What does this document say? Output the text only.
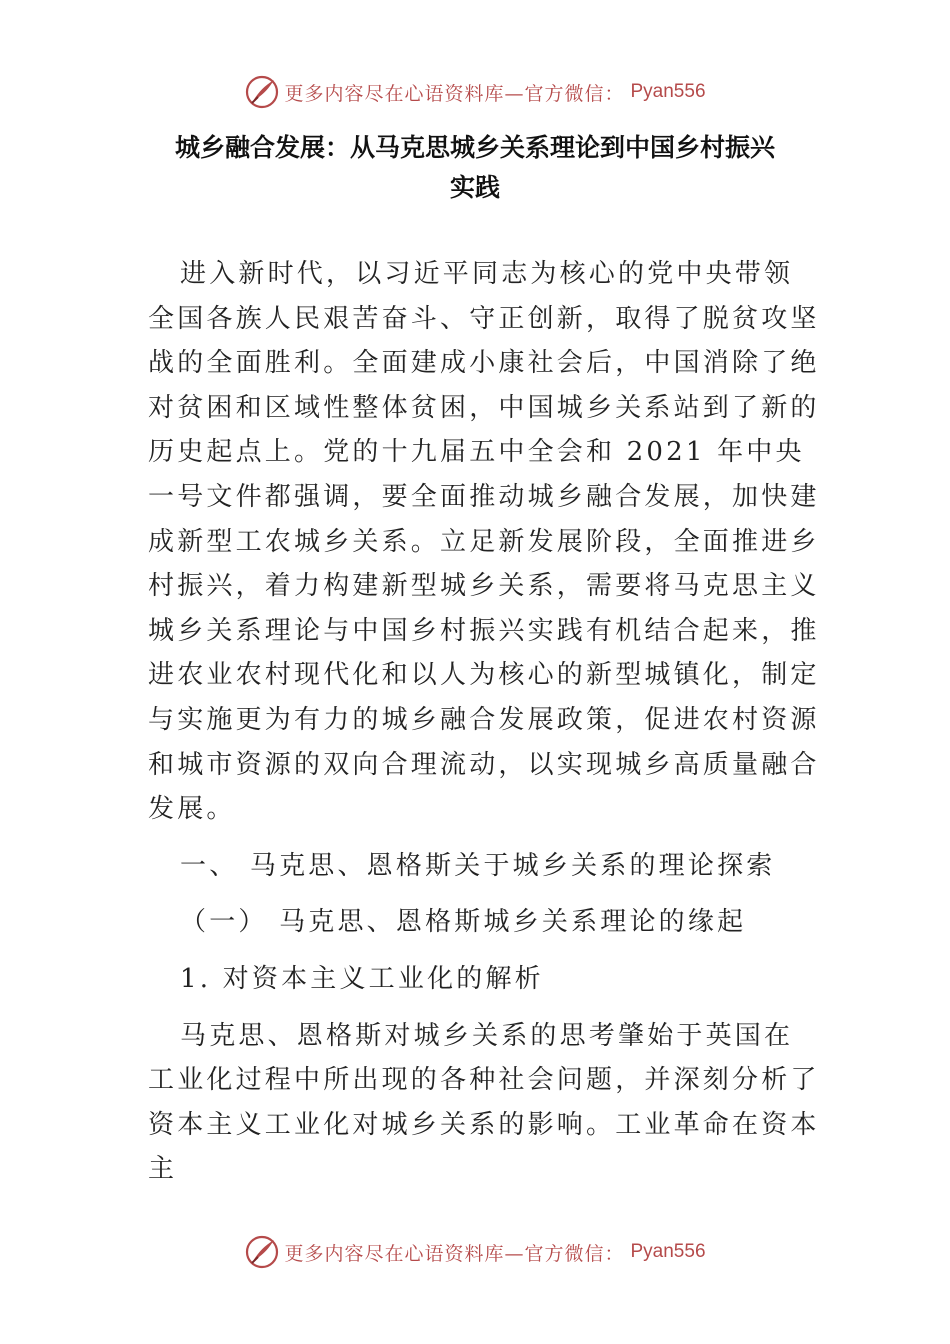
更多内容尽在心语资料库—官方微信： Pyan556
城乡融合发展：从马克思城乡关系理论到中国乡村振兴
实践

进入新时代，以习近平同志为核心的党中央带领全国各族人民艰苦奋斗、守正创新，取得了脱贫攻坚战的全面胜利。全面建成小康社会后，中国消除了绝对贫困和区域性整体贫困，中国城乡关系站到了新的历史起点上。党的十九届五中全会和 2021 年中央一号文件都强调，要全面推动城乡融合发展，加快建成新型工农城乡关系。立足新发展阶段，全面推进乡村振兴，着力构建新型城乡关系，需要将马克思主义城乡关系理论与中国乡村振兴实践有机结合起来，推进农业农村现代化和以人为核心的新型城镇化，制定与实施更为有力的城乡融合发展政策，促进农村资源和城市资源的双向合理流动，以实现城乡高质量融合发展。

一、 马克思、恩格斯关于城乡关系的理论探索

（一） 马克思、恩格斯城乡关系理论的缘起

1. 对资本主义工业化的解析

马克思、恩格斯对城乡关系的思考肇始于英国在工业化过程中所出现的各种社会问题，并深刻分析了资本主义工业化对城乡关系的影响。工业革命在资本主

更多内容尽在心语资料库—官方微信： Pyan556
